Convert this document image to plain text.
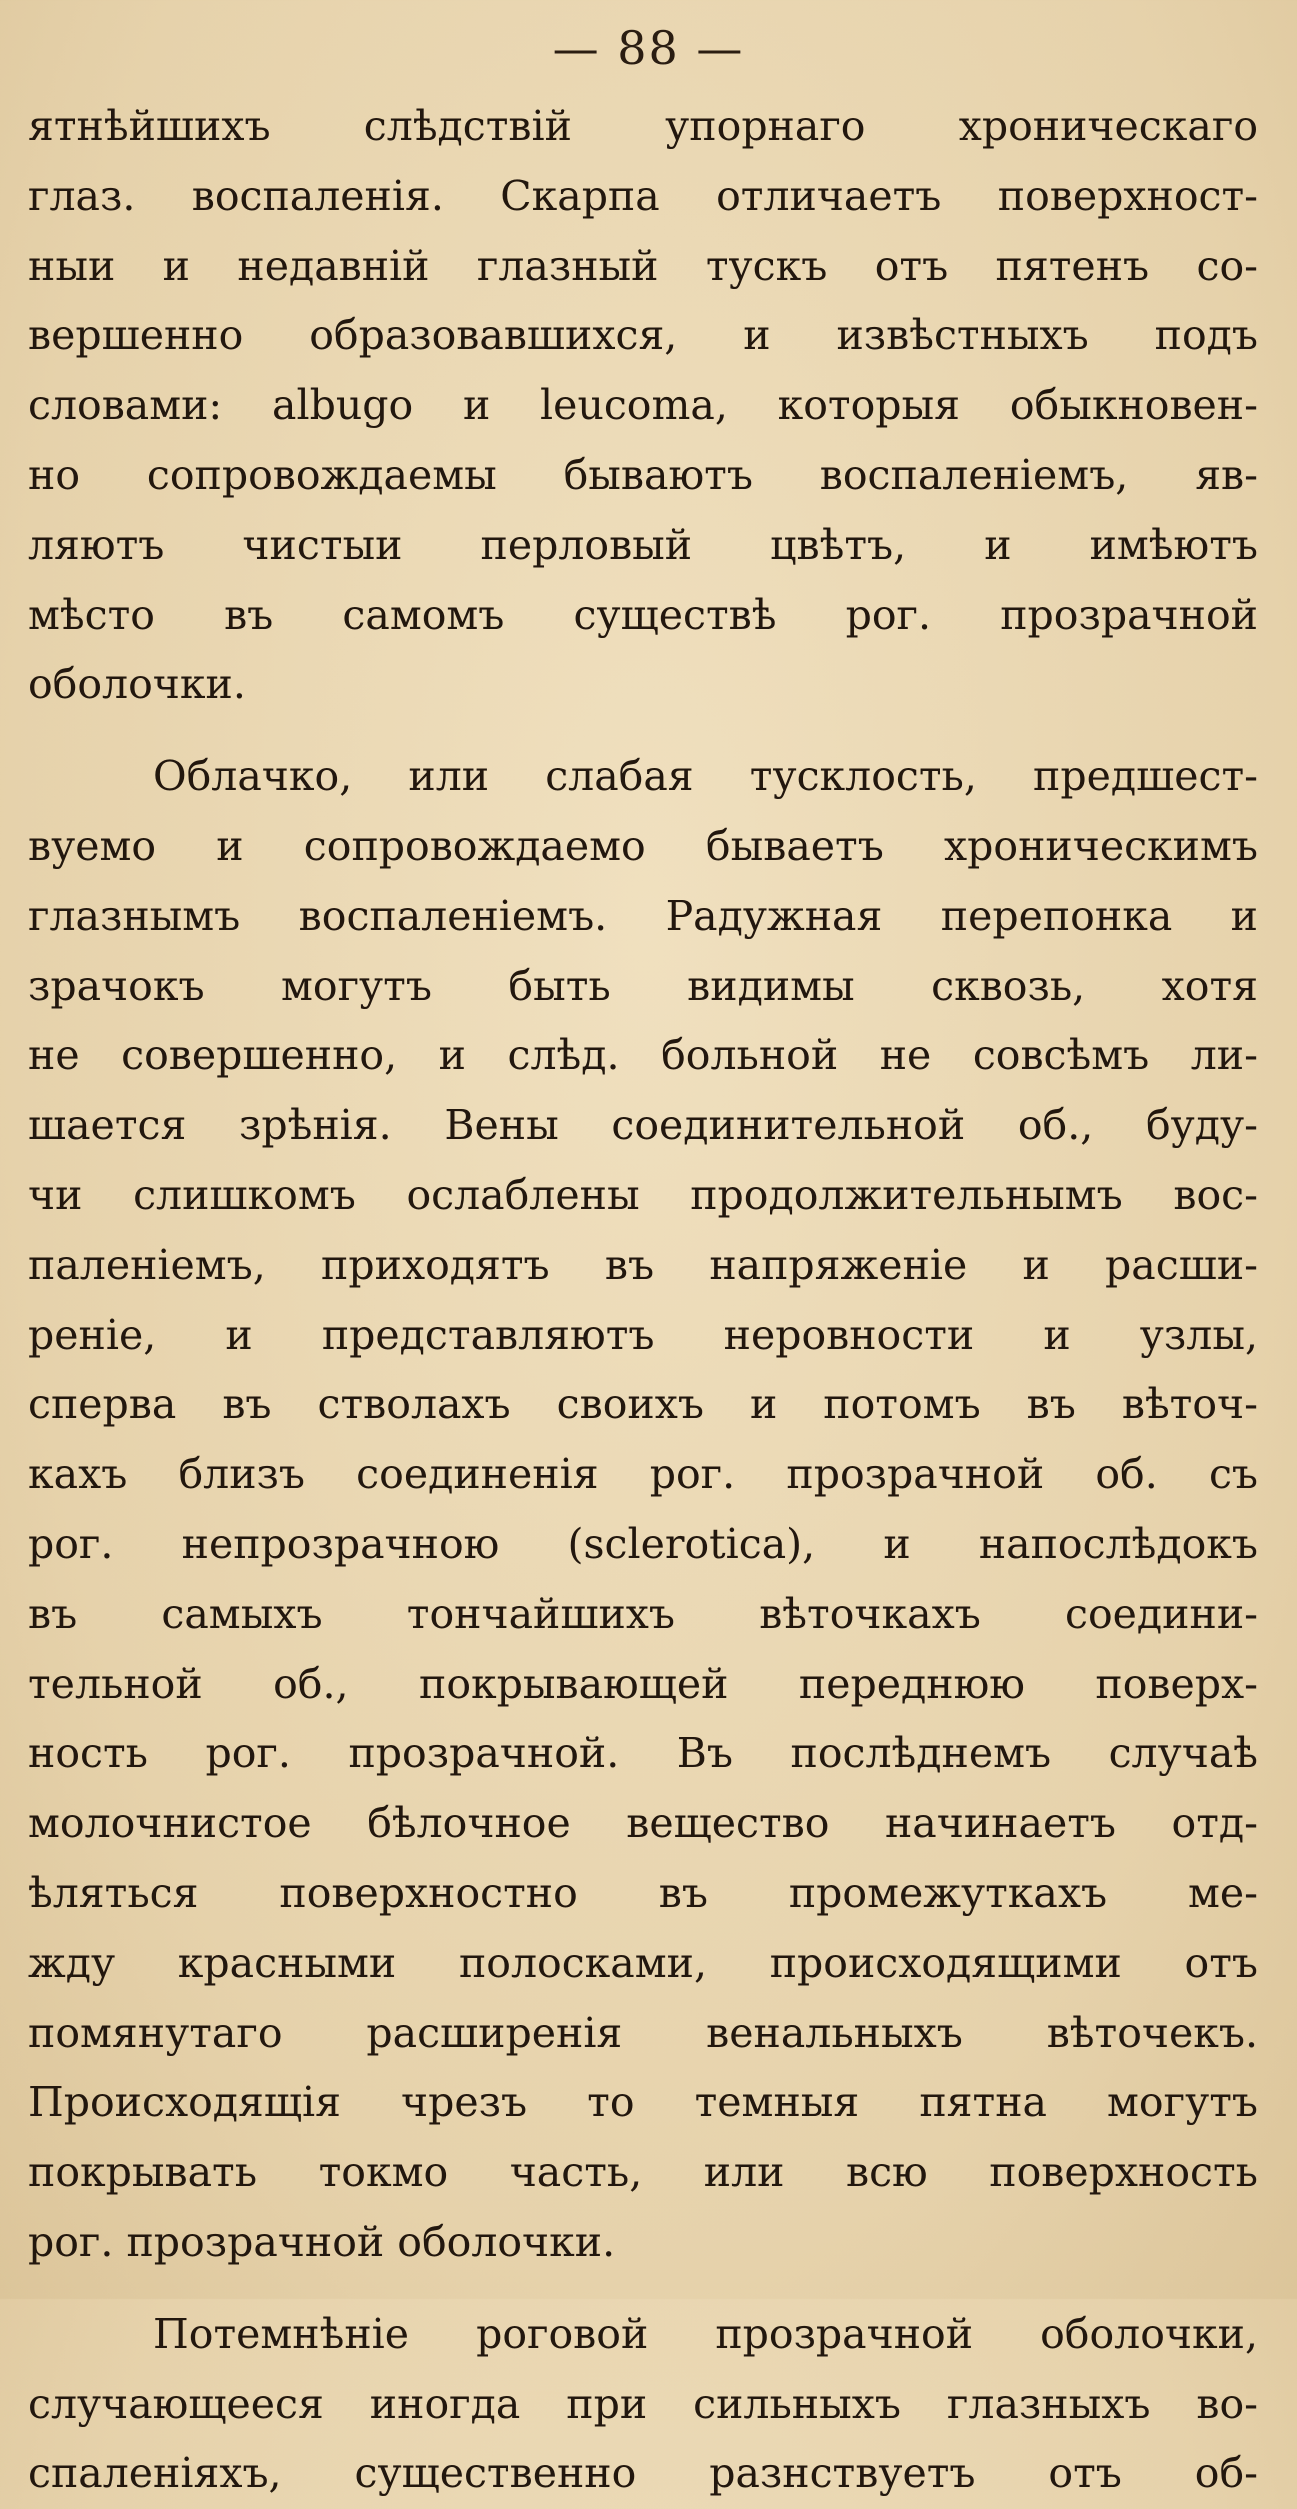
— 88 —
ятнѣйшихъ слѣдствій упорнаго хроническаго
глаз. воспаленія. Скарпа отличаетъ поверхност-
ныи и недавній глазный тускъ отъ пятенъ со-
вершенно образовавшихся, и извѣстныхъ подъ
словами: albugo и leucoma, которыя обыкновен-
но сопровождаемы бываютъ воспаленіемъ, яв-
ляютъ чистыи перловый цвѣтъ, и имѣютъ
мѣсто въ самомъ существѣ рог. прозрачной
оболочки.
Облачко, или слабая тусклость, предшест-
вуемо и сопровождаемо бываетъ хроническимъ
глазнымъ воспаленіемъ. Радужная перепонка и
зрачокъ могутъ быть видимы сквозь, хотя
не совершенно, и слѣд. больной не совсѣмъ ли-
шается зрѣнія. Вены соединительной об., буду-
чи слишкомъ ослаблены продолжительнымъ вос-
паленіемъ, приходятъ въ напряженіе и расши-
реніе, и представляютъ неровности и узлы,
сперва въ стволахъ своихъ и потомъ въ вѣточ-
кахъ близъ соединенія рог. прозрачной об. съ
рог. непрозрачною (sclerotica), и напослѣдокъ
въ самыхъ тончайшихъ вѣточкахъ соедини-
тельной об., покрывающей переднюю поверх-
ность рог. прозрачной. Въ послѣднемъ случаѣ
молочнистое бѣлочное вещество начинаетъ отд-
ѣляться поверхностно въ промежуткахъ ме-
жду красными полосками, происходящими отъ
помянутаго расширенія венальныхъ вѣточекъ.
Происходящія чрезъ то темныя пятна могутъ
покрывать токмо часть, или всю поверхность
рог. прозрачной оболочки.
Потемнѣніе роговой прозрачной оболочки,
случающееся иногда при сильныхъ глазныхъ во-
спаленіяхъ, существенно разнствуетъ отъ об-
